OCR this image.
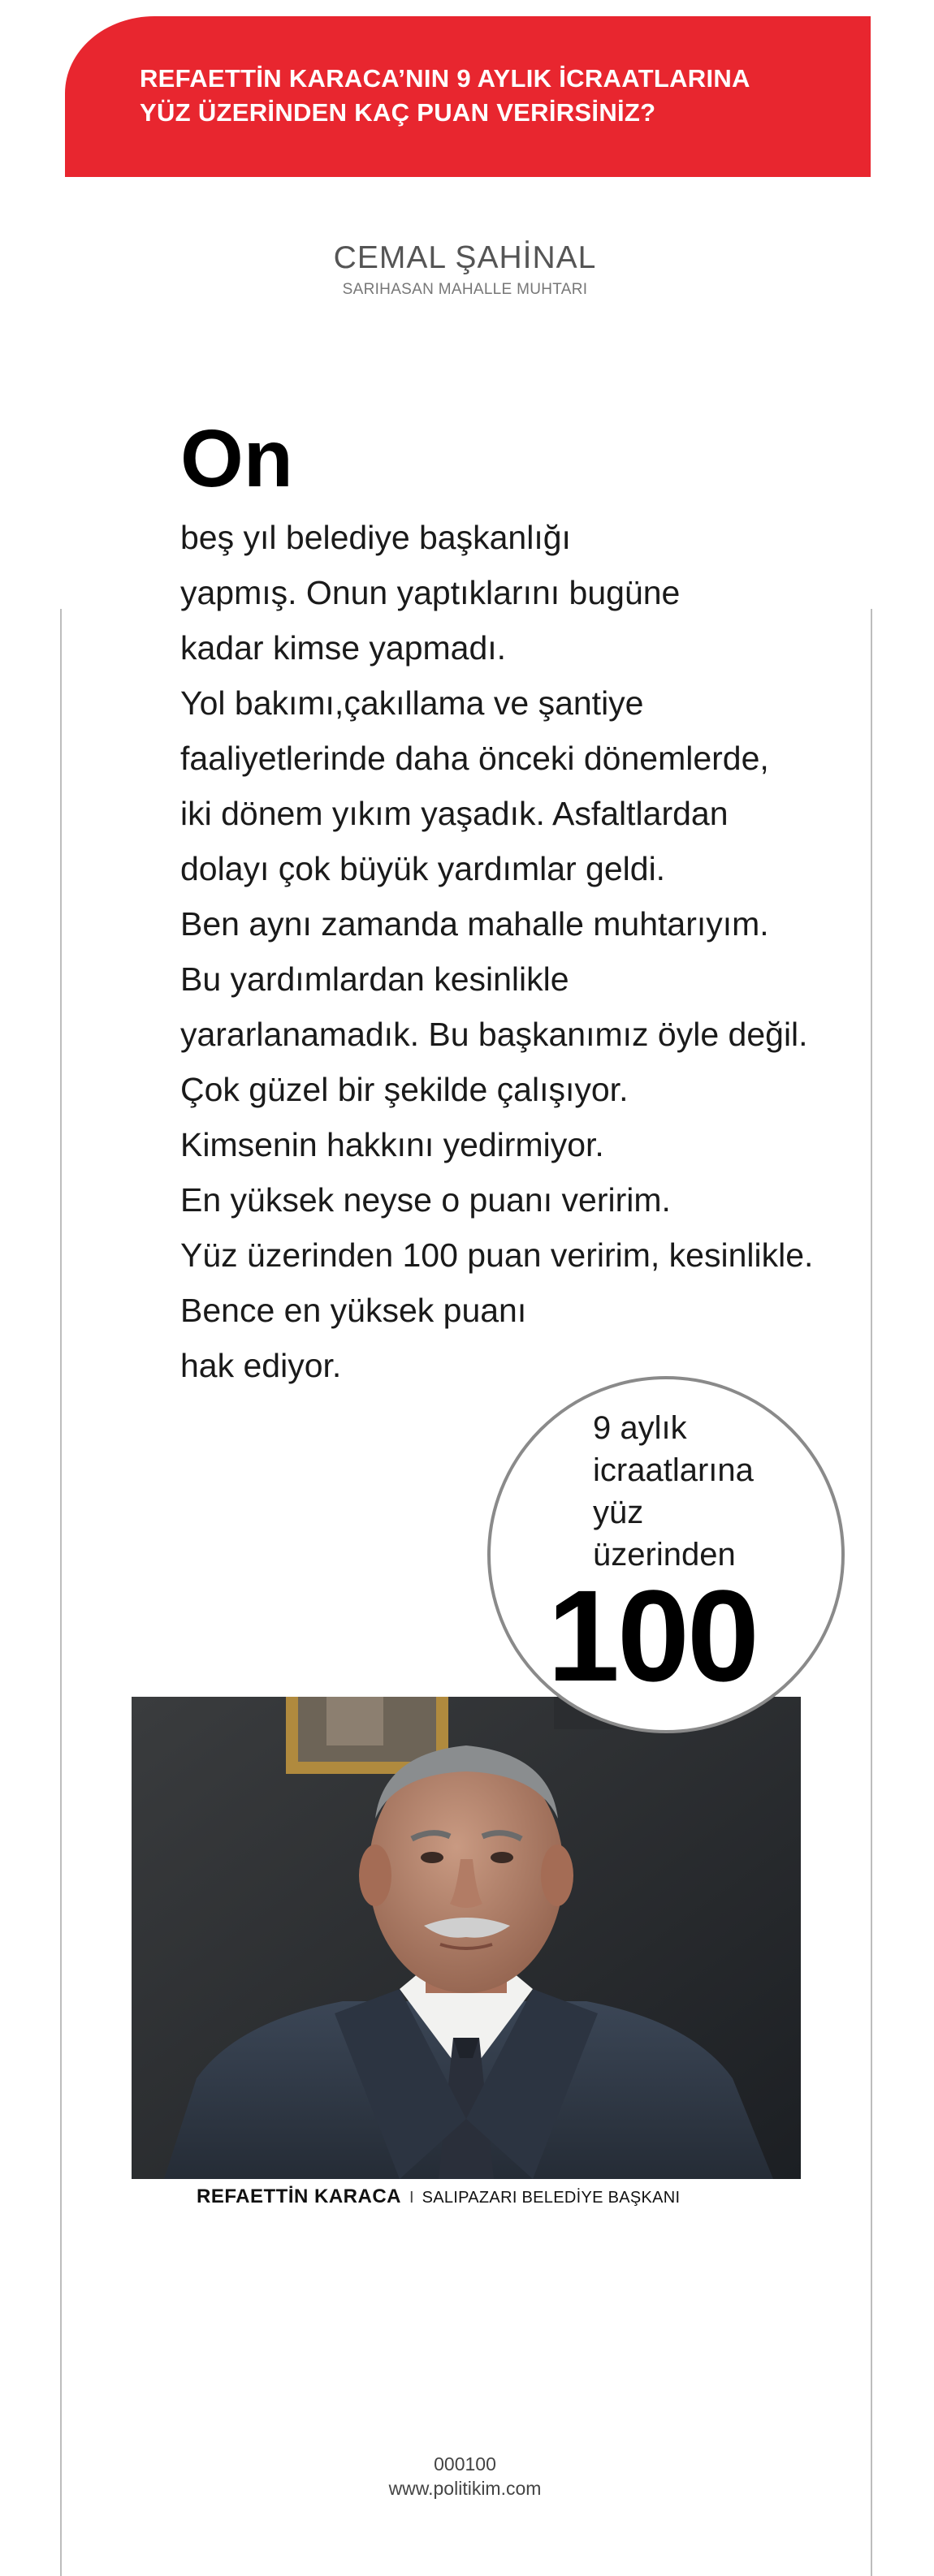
REFAETTİN KARACA’NIN 9 AYLIK İCRAATLARINA
YÜZ ÜZERİNDEN KAÇ PUAN VERİRSİNİZ?
CEMAL ŞAHİNAL
SARIHASAN MAHALLE MUHTARI
On
beş yıl belediye başkanlığı
yapmış. Onun yaptıklarını bugüne
kadar kimse yapmadı.
Yol bakımı,çakıllama ve şantiye
faaliyetlerinde daha önceki dönemlerde,
iki dönem yıkım yaşadık. Asfaltlardan
dolayı çok büyük yardımlar geldi.
Ben aynı zamanda mahalle muhtarıyım.
Bu yardımlardan kesinlikle
yararlanamadık. Bu başkanımız öyle değil.
Çok güzel bir şekilde çalışıyor.
Kimsenin hakkını yedirmiyor.
En yüksek neyse o puanı veririm.
Yüz üzerinden 100 puan veririm, kesinlikle.
Bence en yüksek puanı
hak ediyor.
9 aylık
icraatlarına
yüz
üzerinden
100
REFAETTİN KARACA I SALIPAZARI BELEDİYE BAŞKANI
000100
www.politikim.com
